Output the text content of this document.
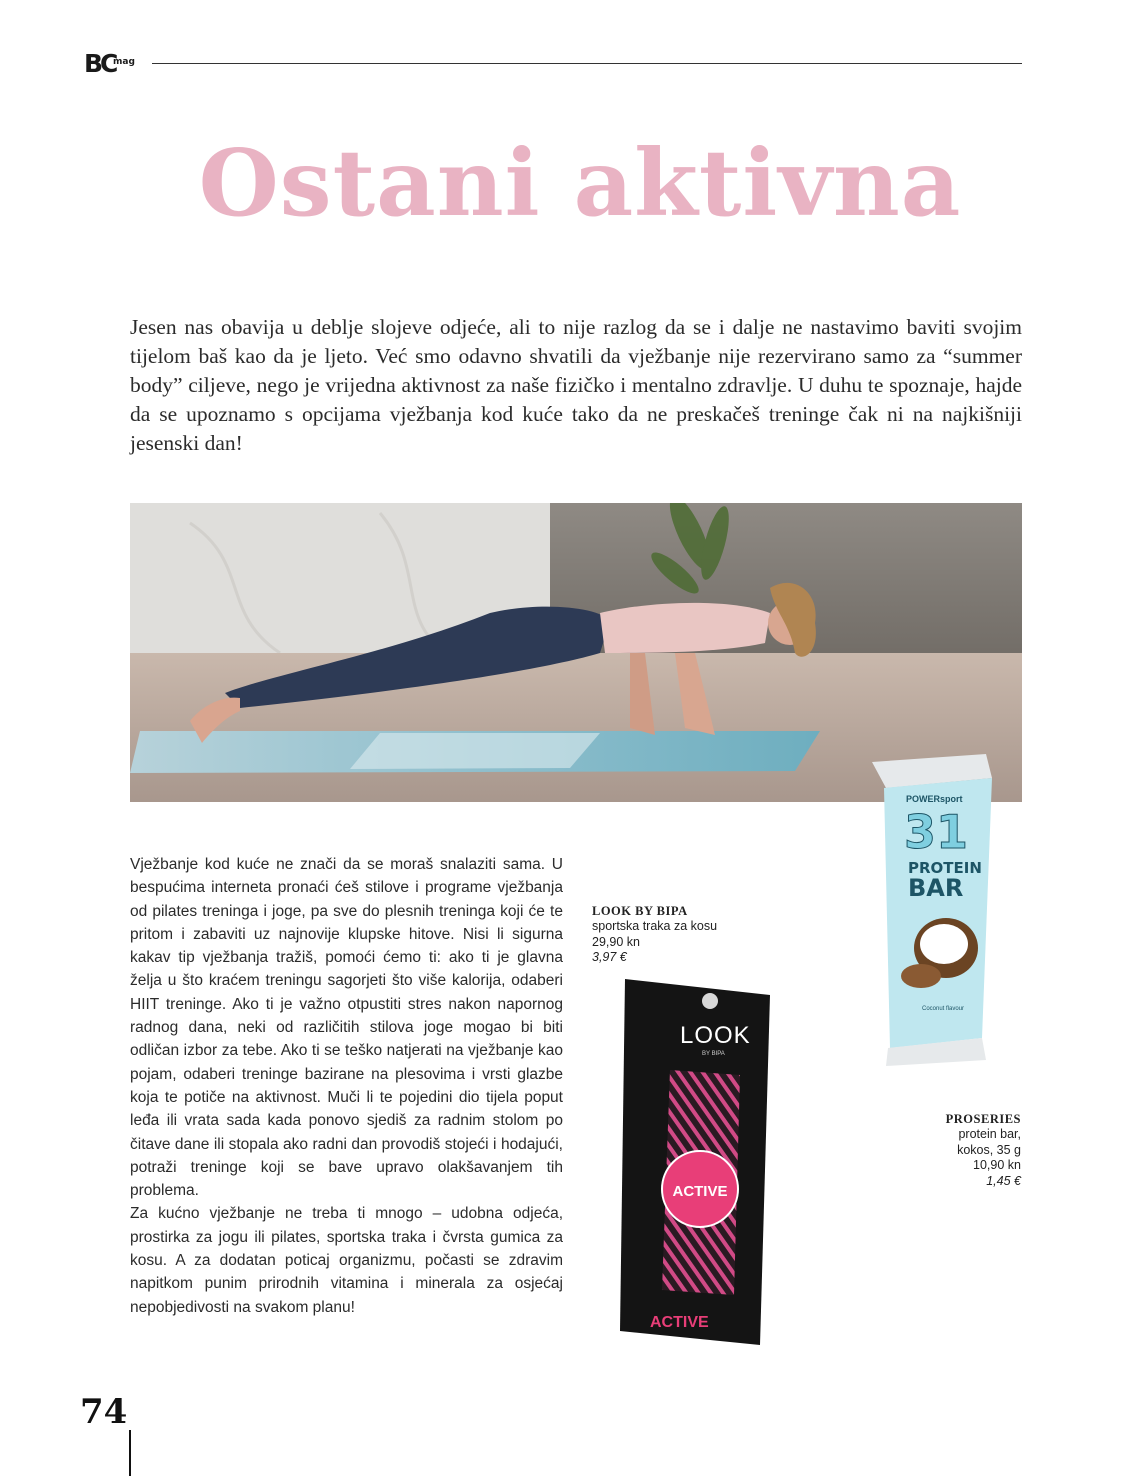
BC
mag
Ostani aktivna

Jesen nas obavija u deblje slojeve odjeće, ali to nije razlog da se i dalje ne nastavimo baviti svojim tijelom baš kao da je ljeto. Već smo odavno shvatili da vježbanje nije rezervirano samo za “summer body” ciljeve, nego je vrijedna aktivnost za naše fizičko i mentalno zdravlje. U duhu te spoznaje, hajde da se upoznamo s opcijama vježbanja kod kuće tako da ne preskačeš treninge čak ni na najkišniji jesenski dan!

Vježbanje kod kuće ne znači da se moraš snalaziti sama. U bespućima interneta pronaći ćeš stilove i programe vježbanja od pilates treninga i joge, pa sve do plesnih treninga koji će te pritom i zabaviti uz najnovije klupske hitove. Nisi li sigurna kakav tip vježbanja tražiš, pomoći ćemo ti: ako ti je glavna želja u što kraćem treningu sagorjeti što više kalorija, odaberi HIIT treninge. Ako ti je važno otpustiti stres nakon napornog radnog dana, neki od različitih stilova joge mogao bi biti odličan izbor za tebe. Ako ti se teško natjerati na vježbanje kao pojam, odaberi treninge bazirane na plesovima i vrsti glazbe koja te potiče na aktivnost. Muči li te pojedini dio tijela poput leđa ili vrata sada kada ponovo sjediš za radnim stolom po čitave dane ili stopala ako radni dan provodiš stojeći i hodajući, potraži treninge koji se bave upravo olakšavanjem tih problema.

Za kućno vježbanje ne treba ti mnogo – udobna odjeća, prostirka za jogu ili pilates, sportska traka i čvrsta gumica za kosu. A za dodatan poticaj organizmu, počasti se zdravim napitkom punim prirodnih vitamina i minerala za osjećaj nepobjedivosti na svakom planu!

LOOK BY BIPA
sportska traka za kosu
29,90 kn
3,97 €
PROSERIES
protein bar,
kokos, 35 g
10,90 kn
1,45 €
LOOK
BY BIPA
ACTIVE
ACTIVE
POWERsport
31
PROTEIN
BAR
Coconut flavour
74
